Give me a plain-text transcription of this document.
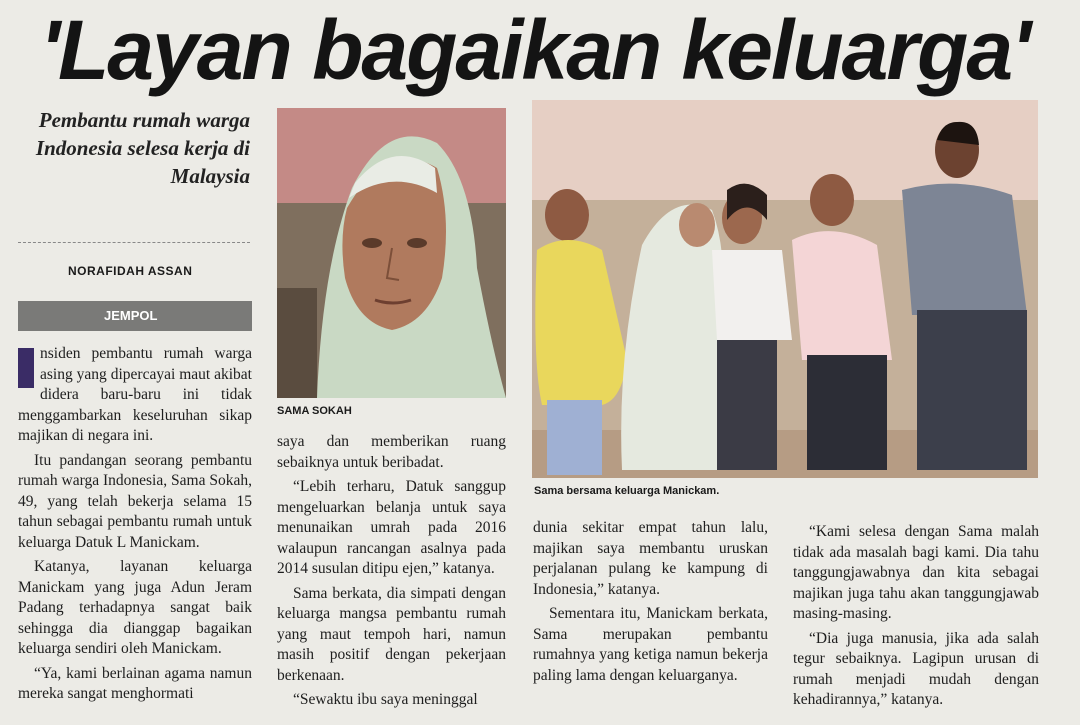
'Layan bagaikan keluarga'
Pembantu rumah warga Indonesia selesa kerja di Malaysia
NORAFIDAH ASSAN
JEMPOL

I
nsiden pembantu rumah warga asing yang dipercayai maut akibat didera baru-baru ini tidak menggambarkan keseluruhan sikap majikan di negara ini.

Itu pandangan seorang pembantu rumah warga Indonesia, Sama Sokah, 49, yang telah bekerja selama 15 tahun sebagai pembantu rumah untuk keluarga Datuk L Manickam.

Katanya, layanan keluarga Manickam yang juga Adun Jeram Padang terhadapnya sangat baik sehingga dia dianggap bagaikan keluarga sendiri oleh Manickam.

“Ya, kami berlainan agama namun mereka sangat menghormati

SAMA SOKAH

saya dan memberikan ruang sebaiknya untuk beribadat.

“Lebih terharu, Datuk sanggup mengeluarkan belanja untuk saya menunaikan umrah pada 2016 walaupun rancangan asalnya pada 2014 susulan ditipu ejen,” katanya.

Sama berkata, dia simpati dengan keluarga mangsa pembantu rumah yang maut tempoh hari, namun masih positif dengan pekerjaan berkenaan.

“Sewaktu ibu saya meninggal

Sama bersama keluarga Manickam.

dunia sekitar empat tahun lalu, majikan saya membantu uruskan perjalanan pulang ke kampung di Indonesia,” katanya.

Sementara itu, Manickam berkata, Sama merupakan pembantu rumahnya yang ketiga namun bekerja paling lama dengan keluarganya.

“Kami selesa dengan Sama malah tidak ada masalah bagi kami. Dia tahu tanggungjawabnya dan kita sebagai majikan juga tahu akan tanggungjawab masing-masing.

“Dia juga manusia, jika ada salah tegur sebaiknya. Lagipun urusan di rumah menjadi mudah dengan kehadirannya,” katanya.
